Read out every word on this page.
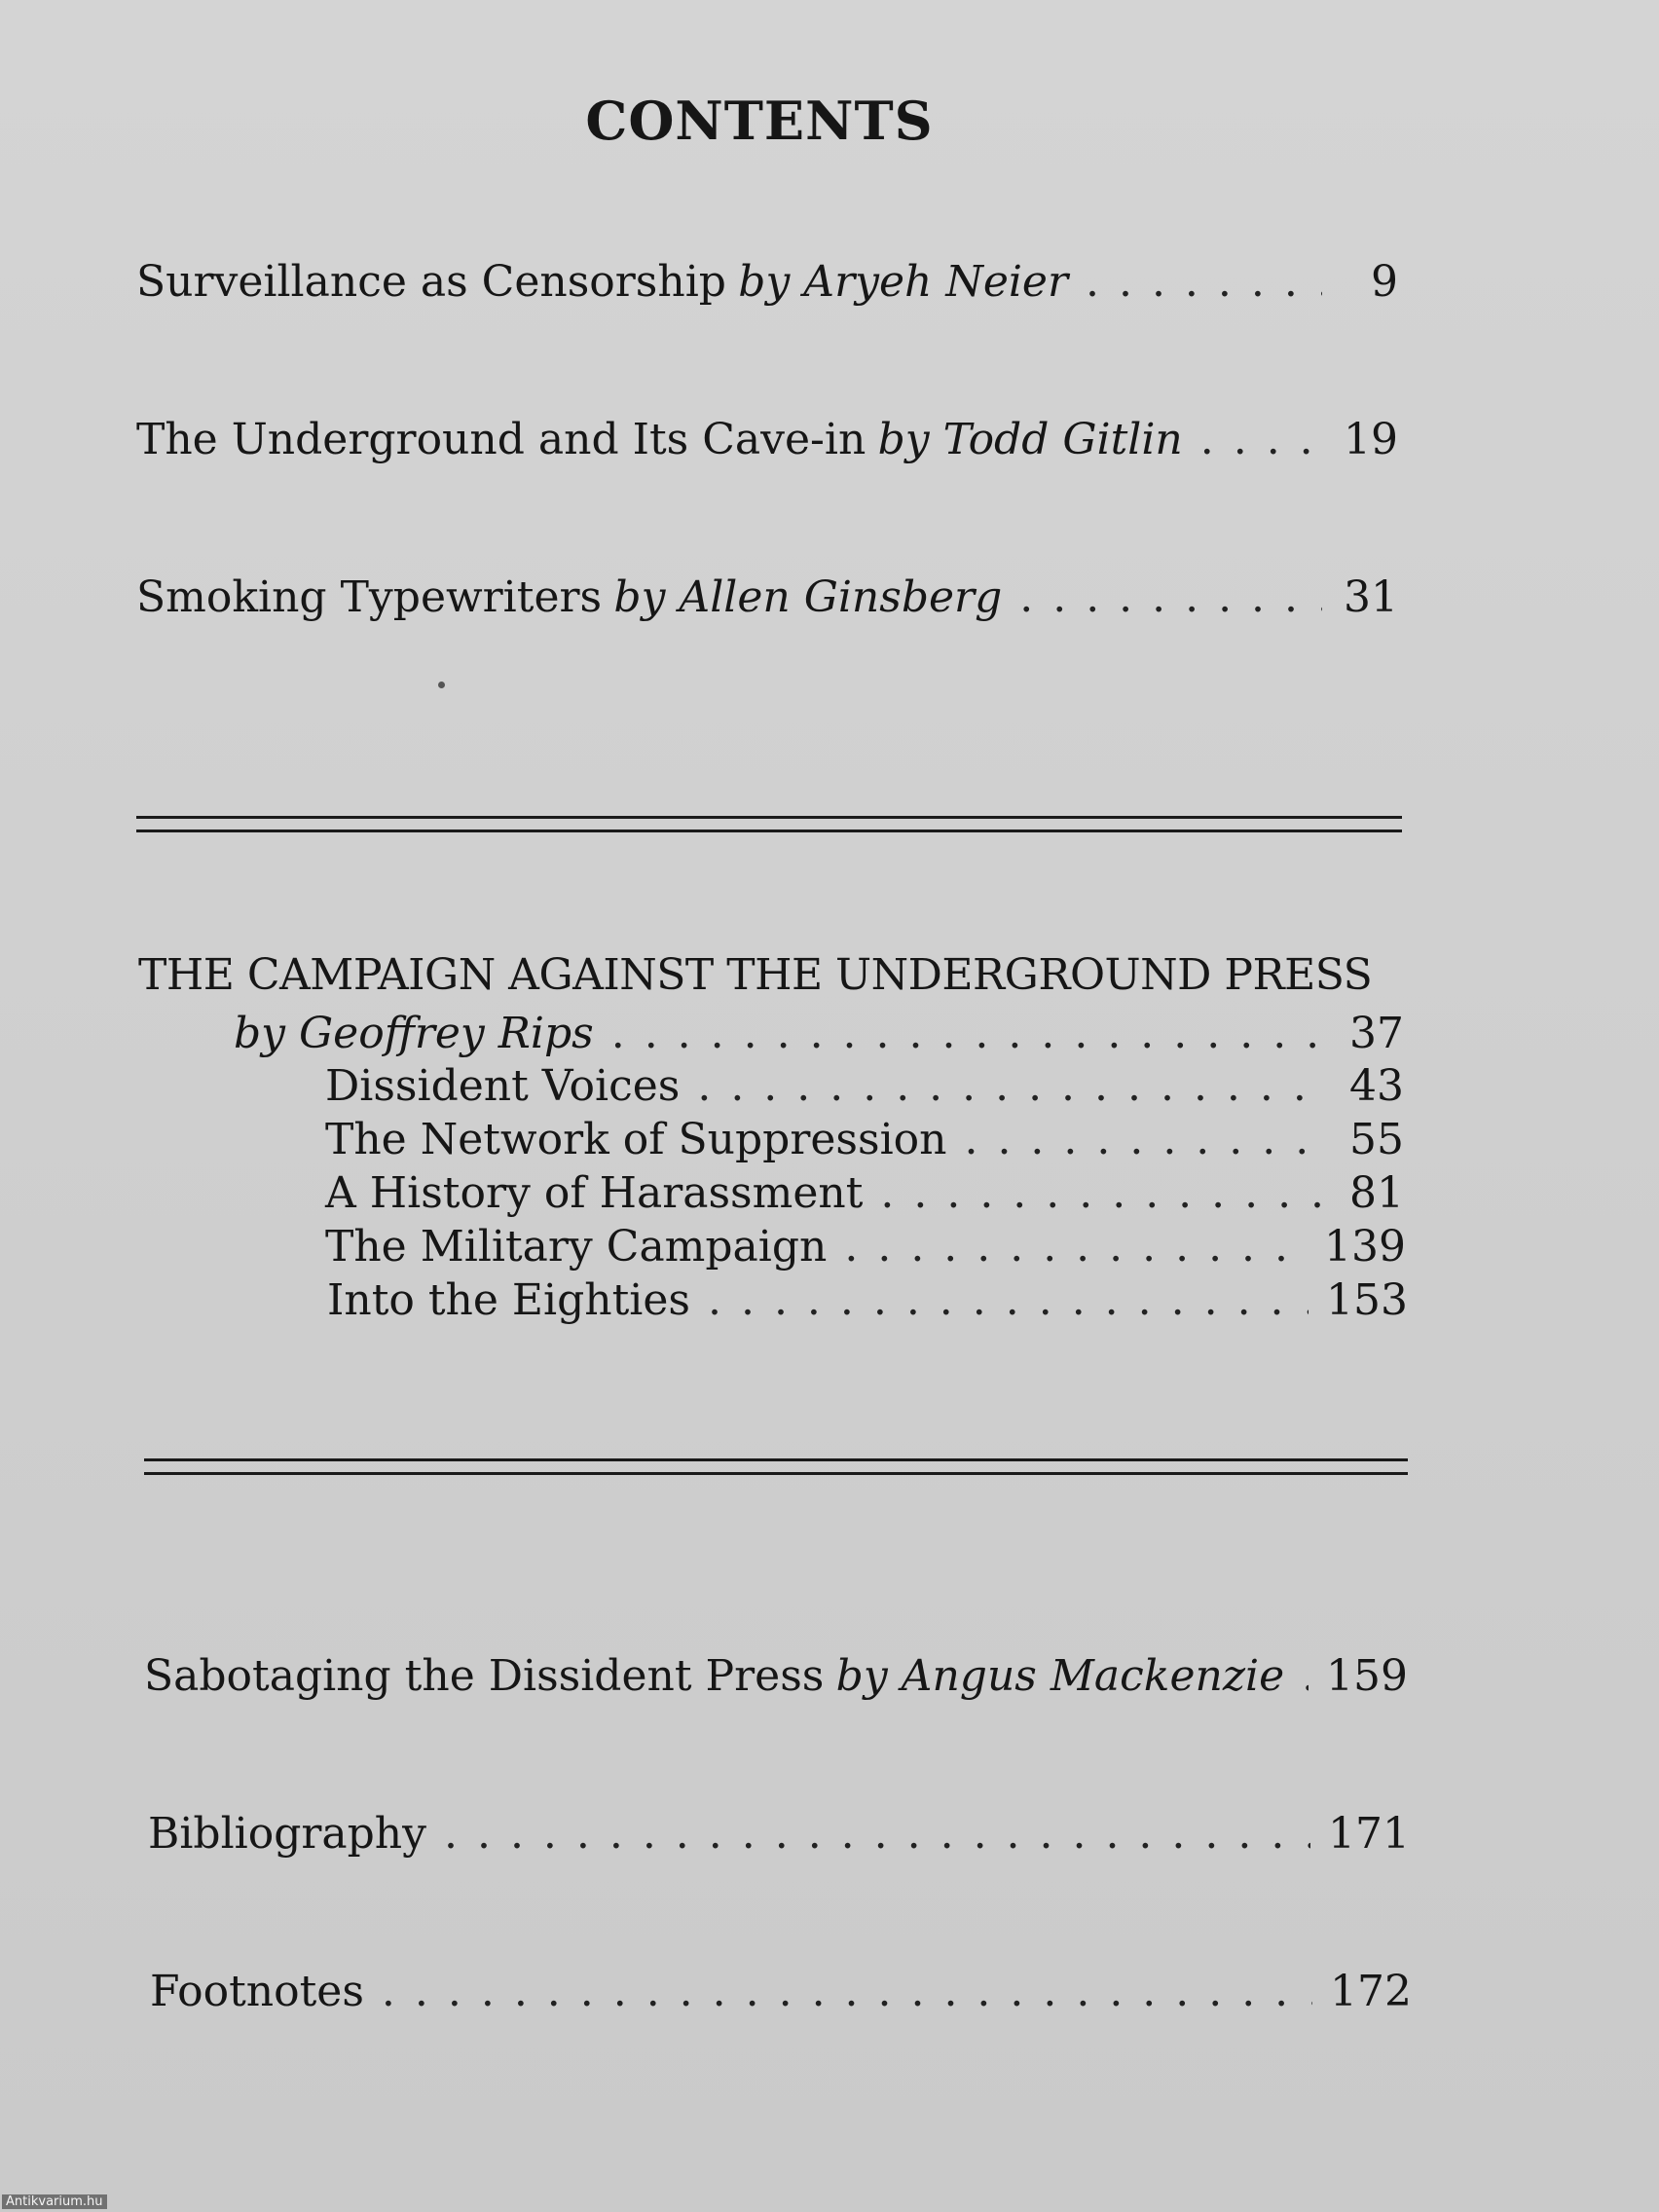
CONTENTS
Surveillance as Censorship by Aryeh Neier . . .	9
The Underground and Its Cave-in by Todd Gitlin . . .	19
Smoking Typewriters by Allen Ginsberg . . .	31
THE CAMPAIGN AGAINST THE UNDERGROUND PRESS
by Geoffrey Rips . . .	37
Dissident Voices . . .	43
The Network of Suppression . . .	55
A History of Harassment . . .	81
The Military Campaign . . .	139
Into the Eighties . . .	153
Sabotaging the Dissident Press by Angus Mackenzie . . . 159
Bibliography . . .	171
Footnotes . . .	172
Antikvarium.hu
